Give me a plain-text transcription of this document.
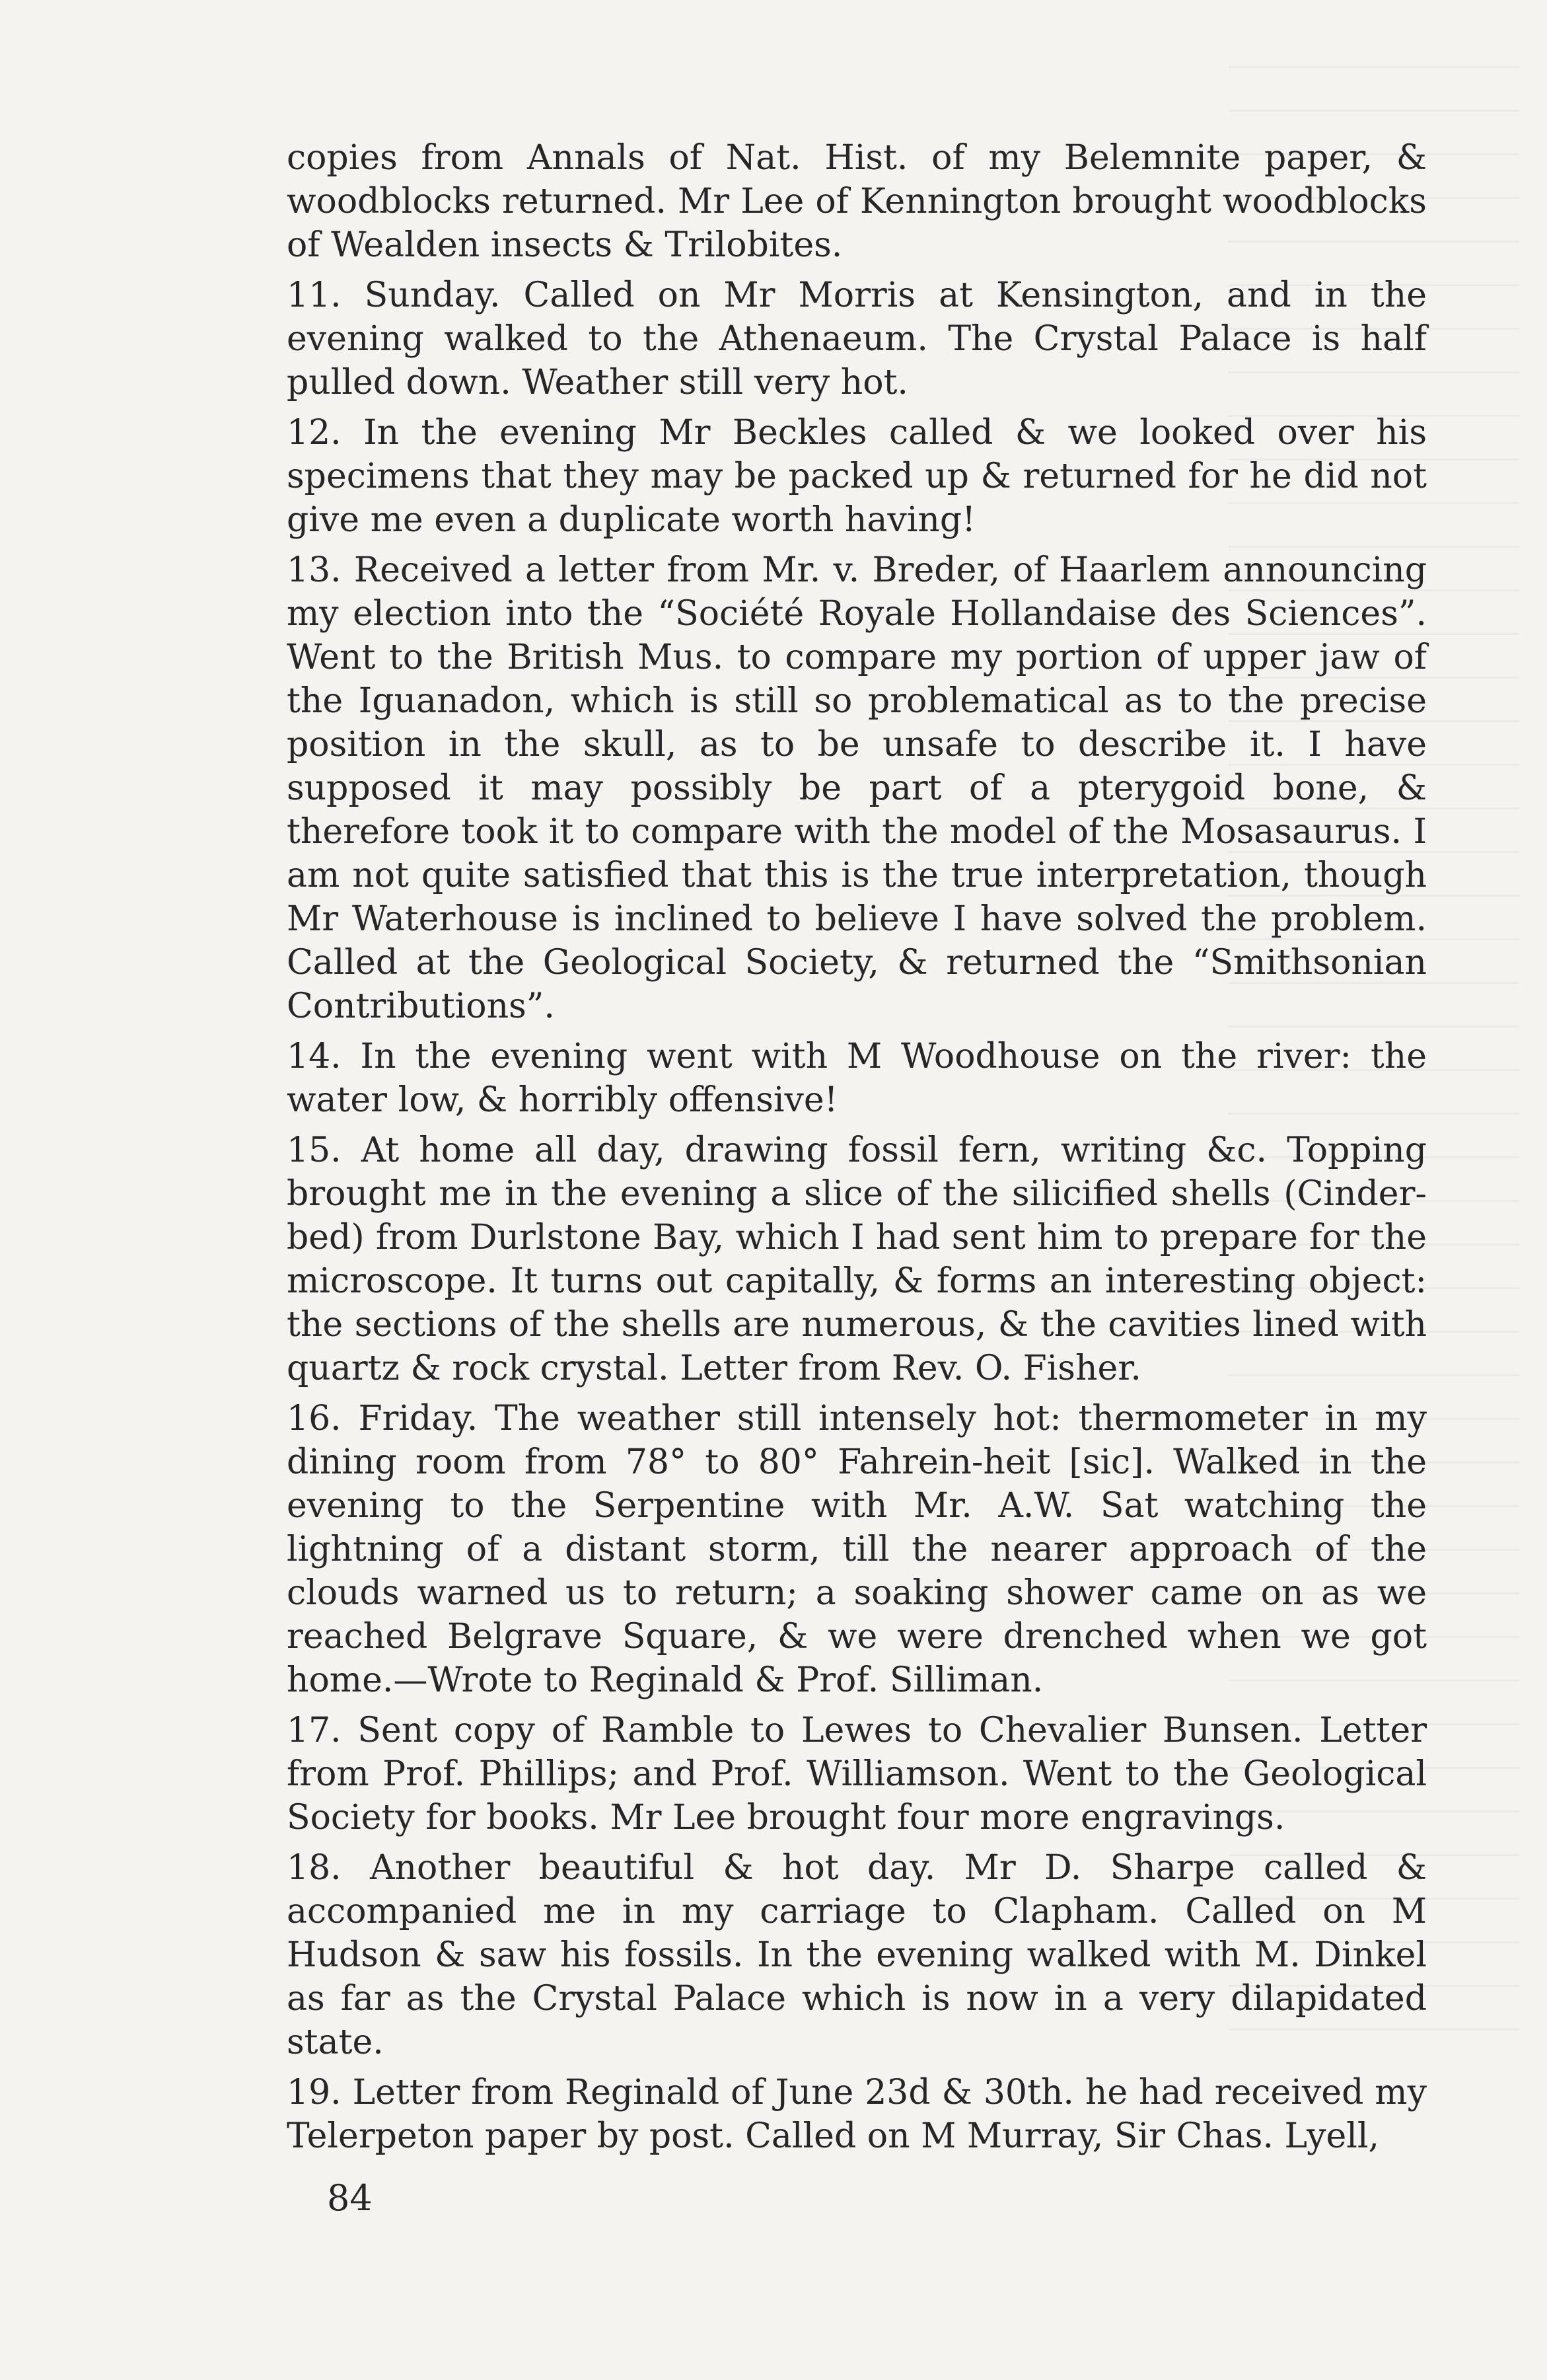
copies from Annals of Nat. Hist. of my Belemnite paper, & woodblocks returned. Mr Lee of Kennington brought woodblocks of Wealden insects & Trilobites.

11. Sunday. Called on Mr Morris at Kensington, and in the evening walked to the Athenaeum. The Crystal Palace is half pulled down. Weather still very hot.

12. In the evening Mr Beckles called & we looked over his specimens that they may be packed up & returned for he did not give me even a duplicate worth having!

13. Received a letter from Mr. v. Breder, of Haarlem announcing my election into the “Société Royale Hollandaise des Sciences”. Went to the British Mus. to compare my portion of upper jaw of the Iguanadon, which is still so problematical as to the precise position in the skull, as to be unsafe to describe it. I have supposed it may possibly be part of a pterygoid bone, & therefore took it to compare with the model of the Mosasaurus. I am not quite satisfied that this is the true interpretation, though Mr Waterhouse is inclined to believe I have solved the problem. Called at the Geological Society, & returned the “Smithsonian Contributions”.

14. In the evening went with M Woodhouse on the river: the water low, & horribly offensive!

15. At home all day, drawing fossil fern, writing &c. Topping brought me in the evening a slice of the silicified shells (Cinder-bed) from Durlstone Bay, which I had sent him to prepare for the microscope. It turns out capitally, & forms an interesting object: the sections of the shells are numerous, & the cavities lined with quartz & rock crystal. Letter from Rev. O. Fisher.

16. Friday. The weather still intensely hot: thermometer in my dining room from 78° to 80° Fahrein-heit [sic]. Walked in the evening to the Serpentine with Mr. A.W. Sat watching the lightning of a distant storm, till the nearer approach of the clouds warned us to return; a soaking shower came on as we reached Belgrave Square, & we were drenched when we got home.—Wrote to Reginald & Prof. Silliman.

17. Sent copy of Ramble to Lewes to Chevalier Bunsen. Letter from Prof. Phillips; and Prof. Williamson. Went to the Geological Society for books. Mr Lee brought four more engravings.

18. Another beautiful & hot day. Mr D. Sharpe called & accompanied me in my carriage to Clapham. Called on M Hudson & saw his fossils. In the evening walked with M. Dinkel as far as the Crystal Palace which is now in a very dilapidated state.

19. Letter from Reginald of June 23d & 30th. he had received my Telerpeton paper by post. Called on M Murray, Sir Chas. Lyell,

84
